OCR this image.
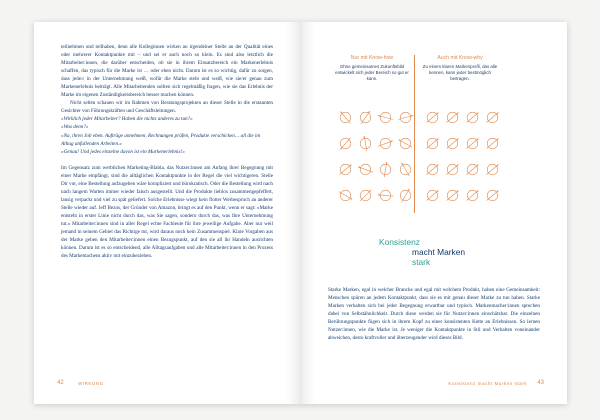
teilnehmen und teilhaben, denn alle Kolleginnen wirken an irgendeiner Stelle an der Qualität eines oder mehrerer Kontaktpunkte mit – und sei er auch noch so klein. Es sind also letztlich die Mitarbeiter:innen, die darüber entscheiden, ob sie in ihrem Einsatzbereich ein Markenerlebnis schaffen, das typisch für die Marke ist … oder eben nicht. Darum ist es so wichtig, dafür zu sorgen, dass jede:r in der Unternehmung weiß, wofür die Marke steht und weiß, wie sie/er genau zum Markenerlebnis beiträgt. Alle Mitarbeitenden sollten sich regelmäßig fragen, wie sie das Erlebnis der Marke im eigenen Zuständigkeitsbereich besser machen können.

Nicht selten schauen wir im Rahmen von Beratungsprojekten an dieser Stelle in die erstaunten Gesichter von Führungskräften und Geschäftsleitungen.

»Wirklich jeder Mitarbeiter? Haben die nichts anderes zu tun?«

»Was denn?«

»Na, ihren Job eben. Aufträge annehmen, Rechnungen prüfen, Produkte verschicken… all die im Alltag anfallenden Arbeiten.«

»Genau! Und jedes einzelne davon ist ein Markenerlebnis!«

Im Gegensatz zum werblichen Marketing-Blabla, das Nutzer:innen am Anfang ihrer Begegnung mit einer Marke empfängt, sind die alltäglichen Kontaktpunkte in der Regel die viel wichtigeren. Stelle Dir vor, eine Bestellung aufzugeben wäre kompliziert und bürokratisch. Oder die Bestellung wird nach nach langem Warten immer wieder falsch ausgestellt. Und die Produkte lieblos zusammengepfeffert, lausig verpackt und viel zu spät geliefert. Solche Erlebnisse wiegt kein flotter Werbespruch an anderer Stelle wieder auf. Jeff Bezos, der Gründer von Amazon, bringt es auf den Punkt, wenn er sagt: »Marke entsteht in erster Linie nicht durch das, was Sie sagen, sondern durch das, was Ihre Unternehmung tut.« Mitarbeiter:innen sind in aller Regel echte Fachleute für ihre jeweilige Aufgabe. Aber nur weil jemand in seinem Gebiet das Richtige tut, wird daraus noch kein Zusammenspiel. Klare Vorgaben aus der Marke geben den Mitarbeiter:innen einen Bezugspunkt, auf den sie all ihr Handeln ausrichten können. Darum ist es so entscheidend, alle Alltagsaufgaben und alle Mitarbeiter:innen in den Prozess des Markemachens aktiv mit einzubeziehen.

42	WIRKUNG
Nur mit Know-how
Ohne gemeinsames Zukunftsbild entwickelt sich jeder Bereich so gut er kann.
Auch mit Know-why
Zu einem klaren Markenprofil, das alle kennen, kann jeder bestmöglich beitragen.
Konsistenz
macht Marken
stark

Starke Marken, egal in welcher Branche und egal mit welchem Produkt, haben eine Gemeinsamkeit: Menschen spüren an jedem Kontaktpunkt, dass sie es mit genau dieser Marke zu tun haben. Starke Marken verhalten sich bei jeder Begegnung erwartbar und typisch. Markenmacher:innen sprechen dabei von Selbstähnlichkeit. Durch diese werden sie für Nutzer:innen einschätzbar. Die einzelnen Berührungspunkte fügen sich in ihrem Kopf zu einer konsistenten Kette an Erlebnissen. So lernen Nutzer:innen, wie die Marke ist. Je weniger die Kontaktpunkte in Stil und Verhalten voneinander abweichen, desto kraftvoller und überzeugender wird dieses Bild.

Konsistenz macht Marken stark 43
